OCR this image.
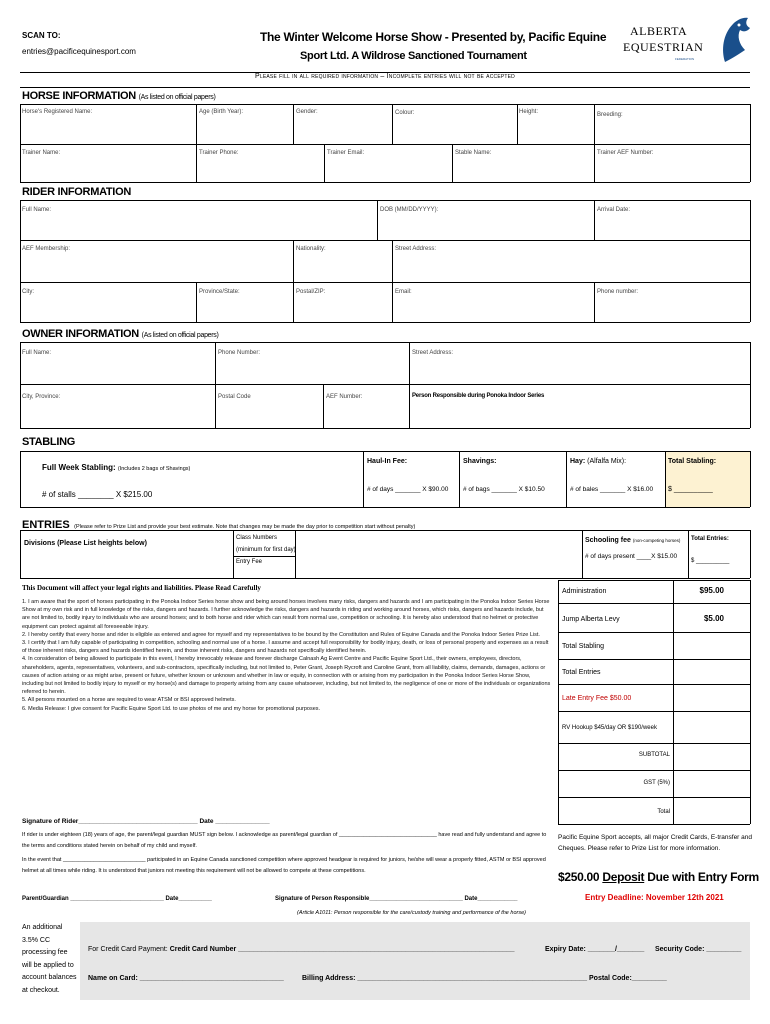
SCAN TO:
entries@pacificequinesport.com
The Winter Welcome Horse Show - Presented by, Pacific Equine
Sport Ltd. A Wildrose Sanctioned Tournament
ALBERTA
EQUESTRIAN
FEDERATION
Please fill in all required information – Incomplete entries will not be accepted
HORSE INFORMATION (As listed on official papers)
Horse's Registered Name:	Age (Birth Year):	Gender:	Colour:	Height:	Breeding:
Trainer Name:	Trainer Phone:	Trainer Email:	Stable Name:	Trainer AEF Number:
RIDER INFORMATION
Full Name:	DOB (MM/DD/YYYY):	Arrival Date:
AEF Membership:	Nationality:	Street Address:
City:	Province/State:	Postal/ZIP:	Email:	Phone number:
OWNER INFORMATION (As listed on official papers)
Full Name:	Phone Number:	Street Address:
City, Province:	Postal Code	AEF Number:	Person Responsible during Ponoka Indoor Series
STABLING
Full Week Stabling: (Includes 2 bags of Shavings)
# of stalls ________ X $215.00
Haul-In Fee:
# of days _______ X $90.00
Shavings:
# of bags _______ X $10.50
Hay: (Alfalfa Mix):
# of bales _______ X $16.00
Total Stabling:
$ __________
ENTRIES (Please refer to Prize List and provide your best estimate. Note that changes may be made the day prior to competition start without penalty)
Divisions (Please List heights below)
Class Numbers
(minimum for first day)
Entry Fee
Schooling fee (non-competing horses)
# of days present ____X $15.00
Total Entries:
$ __________
This Document will affect your legal rights and liabilities. Please Read Carefully
1. I am aware that the sport of horses participating in the Ponoka Indoor Series horse show and being around horses involves many risks, dangers and hazards and I am participating in the Ponoka Indoor Series Horse Show at my own risk and in full knowledge of the risks, dangers and hazards. I further acknowledge the risks, dangers and hazards in riding and working around horses, which risks, dangers and hazards include, but are not limited to, bodily injury to individuals who are around horses; and to both horse and rider which can result from normal use, competition or schooling. It is hereby also understood that no helmet or protective equipment can protect against all foreseeable injury.
2. I hereby certify that every horse and rider is eligible as entered and agree for myself and my representatives to be bound by the Constitution and Rules of Equine Canada and the Ponoka Indoor Series Prize List.
3. I certify that I am fully capable of participating in competition, schooling and normal use of a horse. I assume and accept full responsibility for bodily injury, death, or loss of personal property and expenses as a result of those inherent risks, dangers and hazards identified herein, and those inherent risks, dangers and hazards not specifically identified herein.
4. In consideration of being allowed to participate in this event, I hereby irrevocably release and forever discharge Calnash Ag Event Centre and Pacific Equine Sport Ltd., their owners, employees, directors, shareholders, agents, representatives, volunteers, and sub-contractors, specifically including, but not limited to, Peter Grant, Joseph Rycroft and Caroline Grant, from all liability, claims, demands, damages, actions or causes of action arising or as might arise, present or future, whether known or unknown and whether in law or equity, in connection with or arising from my participation in the Ponoka Indoor Series Horse Show, including but not limited to bodily injury to myself or my horse(s) and damage to property arising from any cause whatsoever, including, but not limited to, the negligence of one or more of the individuals or organizations referred to herein.
5. All persons mounted on a horse are required to wear ATSM or BSI approved helmets.
6. Media Release: I give consent for Pacific Equine Sport Ltd. to use photos of me and my horse for promotional purposes.
Administration	$95.00
Jump Alberta Levy	$5.00
Total Stabling
Total Entries
Late Entry Fee $50.00
RV Hookup $45/day OR $190/week
SUBTOTAL
GST (5%)
Total
Signature of Rider_________________________________ Date _______________
If rider is under eighteen (18) years of age, the parent/legal guardian MUST sign below. I acknowledge as parent/legal guardian of ________________________________ have read and fully understand and agree to the terms and conditions stated herein on behalf of my child and myself.
In the event that ___________________________ participated in an Equine Canada sanctioned competition where approved headgear is required for juniors, he/she will wear a properly fitted, ASTM or BSI approved helmet at all times while riding. It is understood that juniors not meeting this requirement will not be allowed to compete at these competitions.
Parent/Guardian ____________________________ Date__________	Signature of Person Responsible____________________________ Date____________
(Article A1011: Person responsible for the care/custody training and performance of the horse)
Pacific Equine Sport accepts, all major Credit Cards, E-transfer and Cheques. Please refer to Prize List for more information.
$250.00 Deposit Due with Entry Form
Entry Deadline: November 12th 2021
An additional 3.5% CC processing fee will be applied to account balances at checkout.
For Credit Card Payment: Credit Card Number _______________________________________________________________________	Expiry Date: _______/_______ Security Code: _________
Name on Card: _____________________________________	Billing Address: ___________________________________________________________ Postal Code:_________
